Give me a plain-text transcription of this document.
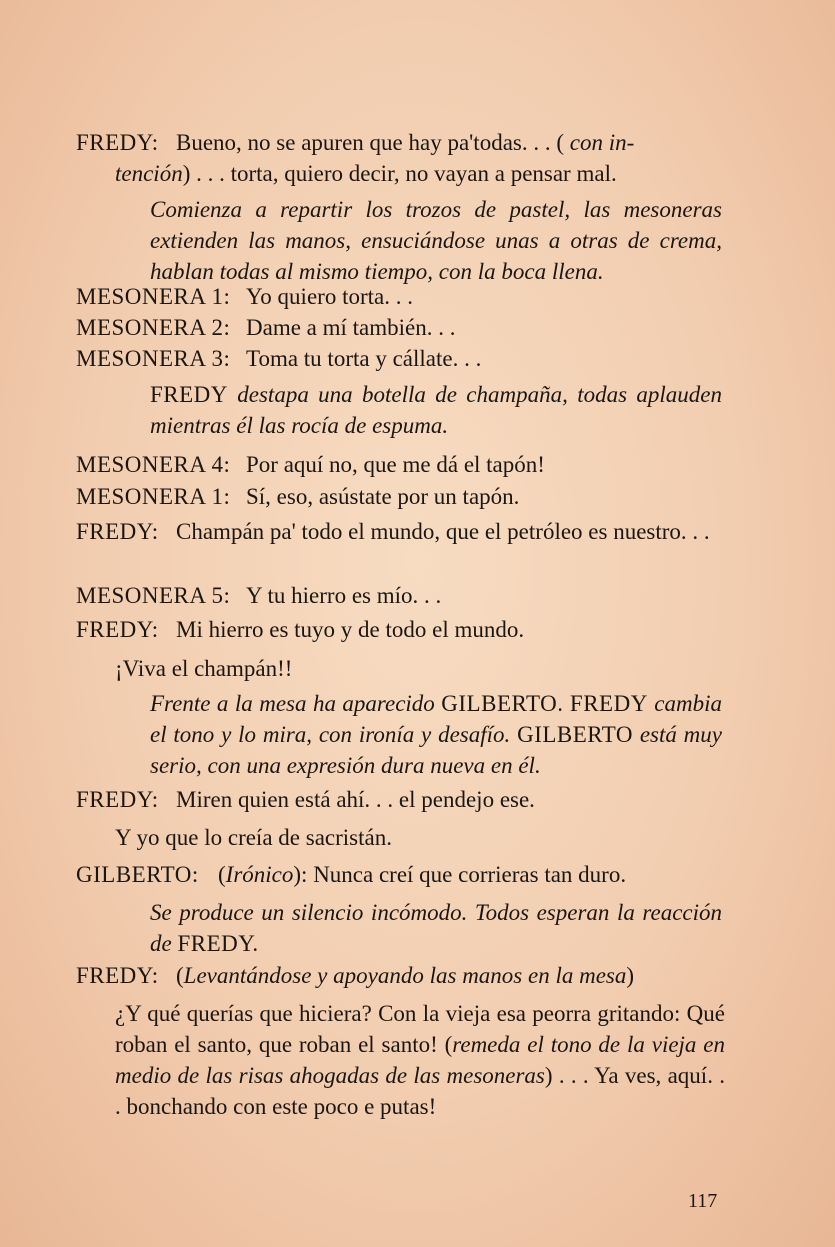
FREDY: Bueno, no se apuren que hay pa'todas. . . ( con in-
tención) . . . torta, quiero decir, no vayan a pensar mal.
Comienza a repartir los trozos de pastel, las mesoneras extienden las manos, ensuciándose unas a otras de crema, hablan todas al mismo tiempo, con la boca llena.
MESONERA 1: Yo quiero torta. . .
MESONERA 2: Dame a mí también. . .
MESONERA 3: Toma tu torta y cállate. . .
FREDY destapa una botella de champaña, todas aplauden mientras él las rocía de espuma.
MESONERA 4: Por aquí no, que me dá el tapón!
MESONERA 1: Sí, eso, asústate por un tapón.
FREDY: Champán pa' todo el mundo, que el petróleo es nuestro. . .
MESONERA 5: Y tu hierro es mío. . .
FREDY: Mi hierro es tuyo y de todo el mundo.
¡Viva el champán!!
Frente a la mesa ha aparecido GILBERTO. FREDY cambia el tono y lo mira, con ironía y desafío. GILBERTO está muy serio, con una expresión dura nueva en él.
FREDY: Miren quien está ahí. . . el pendejo ese.
Y yo que lo creía de sacristán.
GILBERTO: (Irónico): Nunca creí que corrieras tan duro.
Se produce un silencio incómodo. Todos esperan la reacción de FREDY.
FREDY: (Levantándose y apoyando las manos en la mesa)
¿Y qué querías que hiciera? Con la vieja esa peorra gritando: Qué roban el santo, que roban el santo! (remeda el tono de la vieja en medio de las risas ahogadas de las mesoneras) . . . Ya ves, aquí. . . bonchando con este poco e putas!
117
